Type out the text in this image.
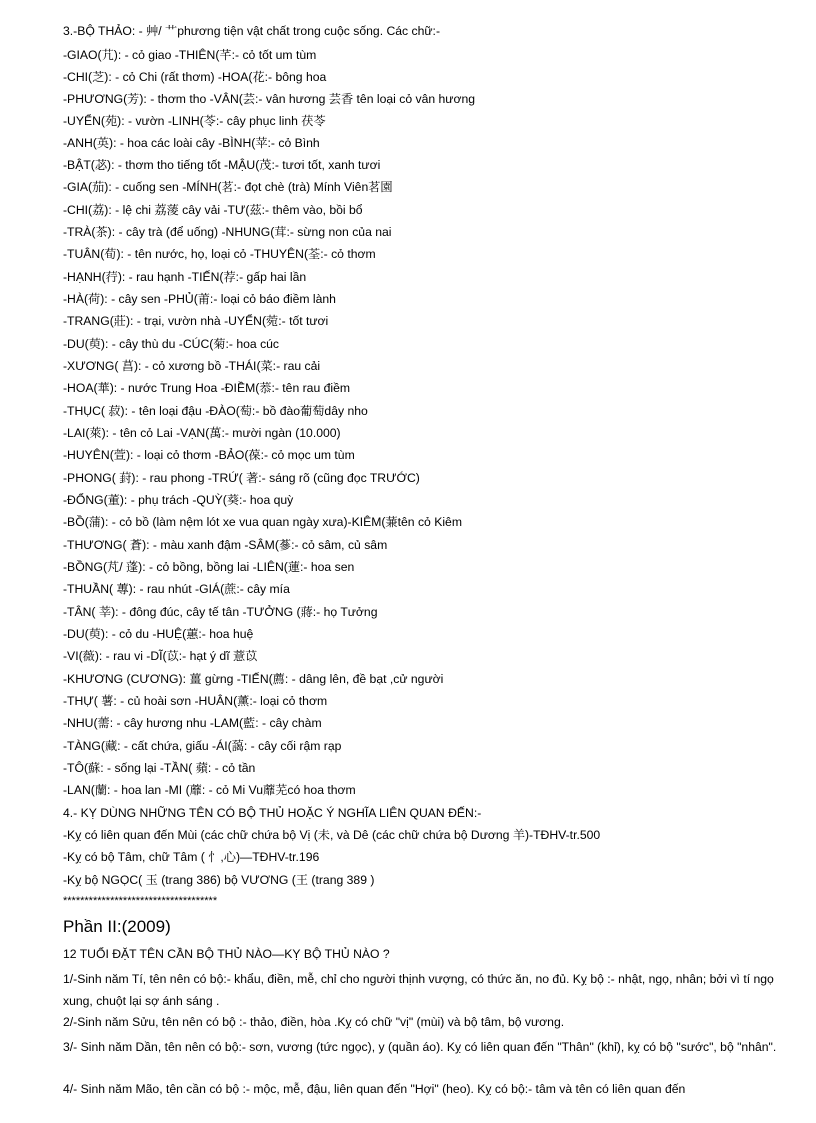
3.-BỘ THẢO: - 艸/ 艹phương tiện vật chất trong cuộc sống. Các chữ:-
-GIAO(芁): - cỏ giao -THIÊN(芊:- cỏ tốt um tùm
-CHI(芝): - cỏ Chi (rất thơm) -HOA(花:- bông hoa
-PHƯƠNG(芳): - thơm tho -VÂN(芸:- vân hương 芸香 tên loại cỏ vân hương
-UYỂN(苑): - vườn -LINH(苓:- cây phục linh 茯苓
-ANH(英): - hoa các loài cây -BÌNH(苹:- cỏ Bình
-BẬT(苾): - thơm tho tiếng tốt -MẬU(茂:- tươi tốt, xanh tươi
-GIA(茄): - cuống sen -MÍNH(茗:- đọt chè (trà) Mính Viên茗園
-CHI(荔): - lệ chi 荔蔆 cây vải -TƯ(茲:- thêm vào, bồi bổ
-TRÀ(茶): - cây trà (để uống) -NHUNG(茸:- sừng non của nai
-TUÂN(荀): - tên nước, họ, loại cỏ -THUYÊN(荃:- cỏ thơm
-HẠNH(荇): - rau hạnh -TIẾN(荐:- gấp hai lần
-HÀ(荷): - cây sen -PHỦ(莆:- loại cỏ báo điềm lành
-TRANG(莊): - trại, vườn nhà -UYỂN(菀:- tốt tươi
-DU(萸): - cây thù du -CÚC(菊:- hoa cúc
-XƯƠNG( 菖): - cỏ xương bồ -THÁI(菜:- rau cải
-HOA(華): - nước Trung Hoa -ĐIỀM(菾:- tên rau điềm
-THỤC( 菽): - tên loại đậu -ĐÀO(萄:- bồ đào葡萄dây nho
-LAI(萊): - tên cỏ Lai -VẠN(萬:- mười ngàn (10.000)
-HUYÊN(萱): - loại cỏ thơm -BẢO(葆:- cỏ mọc um tùm
-PHONG( 葑): - rau phong -TRỨ( 著:- sáng rõ (cũng đọc TRƯỚC)
-ĐỔNG(董): - phụ trách -QUỲ(葵:- hoa quỳ
-BỒ(蒲): - cỏ bồ (làm nệm lót xe vua quan ngày xưa)-KIÊM(蒹tên cỏ Kiêm
-THƯƠNG( 蒼): - màu xanh đậm -SÂM(蔘:- cỏ sâm, củ sâm
-BỒNG(芃/ 蓬): - cỏ bồng, bồng lai -LIÊN(蓮:- hoa sen
-THUẦN( 蓴): - rau nhút -GIÁ(蔗:- cây mía
-TÂN( 莘): - đông đúc, cây tế tân -TƯỞNG (蔣:- họ Tưởng
-DU(萸): - cỏ du -HUỆ(蕙:- hoa huệ
-VI(薇): - rau vi -DĨ(苡:- hạt ý dĩ 薏苡
-KHƯƠNG (CƯƠNG): 薑 gừng -TIẾN(薦: - dâng lên, đề bạt ,cử người
-THỰ( 薯: - củ hoài sơn -HUÂN(薰:- loại cỏ thơm
-NHU(薷: - cây hương nhu -LAM(藍: - cây chàm
-TÀNG(藏: - cất chứa, giấu -ÁI(藹: - cây cối rậm rạp
-TÔ(蘇: - sống lại -TẦN( 蘋: - cỏ tần
-LAN(蘭: - hoa lan -MI (蘼: - cỏ Mi Vu蘼芜có hoa thơm
4.- KỴ DÙNG NHỮNG TÊN CÓ BỘ THỦ HOẶC Ý NGHĨA LIÊN QUAN ĐẾN:-
-Kỵ có liên quan đến Mùi (các chữ chứa bộ Vị (未, và Dê (các chữ chứa bộ Dương 羊)-TĐHV-tr.500
-Kỵ có bộ Tâm, chữ Tâm ( 忄,心)—TĐHV-tr.196
-Kỵ bộ NGỌC( 玉 (trang 386) bộ VƯƠNG (王 (trang 389 )
************************************
Phần II:(2009)
12 TUỔI ĐẶT TÊN CẦN BỘ THỦ NÀO—KỴ BỘ THỦ NÀO ?
1/-Sinh năm Tí, tên nên có bộ:- khẩu, điền, mễ, chỉ cho người thịnh vượng, có thức ăn, no đủ. Kỵ bộ :- nhật, ngọ, nhân; bởi vì tí ngọ xung, chuột lại sợ ánh sáng .
2/-Sinh năm Sửu, tên nên có bộ :- thảo, điền, hòa .Kỵ có chữ "vị" (mùi) và bộ tâm, bộ vương.
3/- Sinh năm Dần, tên nên có bộ:- sơn, vương (tức ngọc), y (quần áo). Kỵ có liên quan đến "Thân" (khỉ), kỵ có bộ "sước", bộ "nhân".
4/- Sinh năm Mão, tên cần có bộ :- mộc, mễ, đậu, liên quan đến "Hợi" (heo). Kỵ có bộ:- tâm và tên có liên quan đến
